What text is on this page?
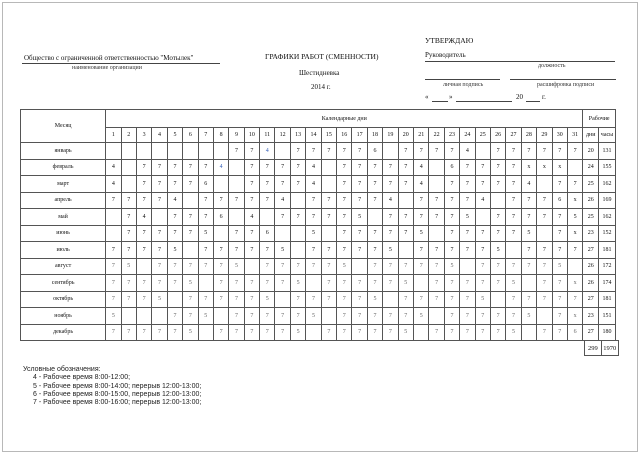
Общество с ограниченной ответственностью "Мотылек"
наименование организации
ГРАФИКИ РАБОТ (СМЕННОСТИ)
Шестидневка
2014 г.
УТВЕРЖДАЮ
Руководитель
должность
личная подпись	расшифровка подписи
«	»	20	г.
Месяц	Календарные дни																															Рабочие	
	1	2	3	4	5	6	7	8	9	10	11	12	13	14	15	16	17	18	19	20	21	22	23	24	25	26	27	28	29	30	31	дни	часы
январь									7	7	4		7	7	7	7	7	6		7	7	7	7	4		7	7	7	7	7	7	20	131
февраль	4		7	7	7	7	7	4		7	7	7	7	4		7	7	7	7	7	4		6	7	7	7	7	x	x	x		24	155
март	4		7	7	7	7	6			7	7	7	7	4		7	7	7	7	7	4		7	7	7	7	7	4		7	7	25	162
апрель	7	7	7	7	4		7	7	7	7	7	4		7	7	7	7	7	4		7	7	7	7	4		7	7	7	6	x	26	169
май		7	4		7	7	7	6		4		7	7	7	7	7	5		7	7	7	7	7	5		7	7	7	7	7	5	25	162
июнь		7	7	7	7	7	5		7	7	6			5		7	7	7	7	7	5		7	7	7	7	7	5		7	x	23	152
июль	7	7	7	7	5		7	7	7	7	7	5		7	7	7	7	7	5		7	7	7	7	7	5		7	7	7	7	27	181
август	7	5		7	7	7	7	7	5		7	7	7	7	7	5		7	7	7	7	7	5		7	7	7	7	7	5		26	172
сентябрь	7	7	7	7	7	5		7	7	7	7	7	5		7	7	7	7	7	5		7	7	7	7	7	5		7	7	x	26	174
октябрь	7	7	7	5		7	7	7	7	7	5		7	7	7	7	7	5		7	7	7	7	7	5		7	7	7	7	7	27	181
ноябрь	5				7	7	5		7	7	7	7	7	5		7	7	7	7	7	5		7	7	7	7	7	5		7	x	23	151
декабрь	7	7	7	7	7	5		7	7	7	7	7	5		7	7	7	7	7	5		7	7	7	7	7	5		7	7	6	27	180
299	1970
Условные обозначения:
4 - Рабочее время 8:00-12:00;
5 - Рабочее время 8:00-14:00; перерыв 12:00-13:00;
6 - Рабочее время 8:00-15:00, перерыв 12:00-13:00;
7 - Рабочее время 8:00-16:00; перерыв 12:00-13:00;
